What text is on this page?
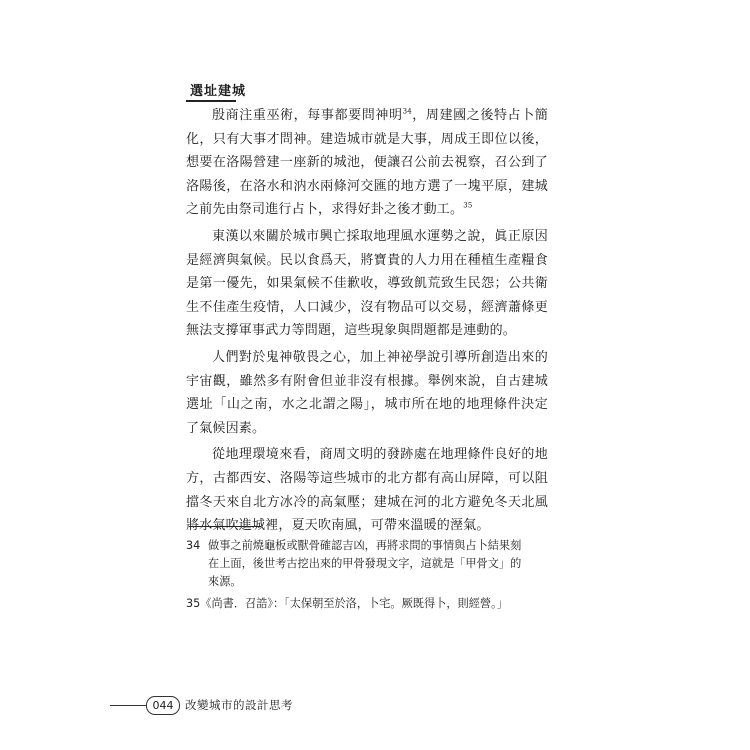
選址建城

殷商注重巫術，每事都要問神明$^{34}$，周建國之後特占卜簡化，只有大事才問神。建造城市就是大事，周成王即位以後，想要在洛陽營建一座新的城池，便讓召公前去視察，召公到了洛陽後，在洛水和汭水兩條河交匯的地方選了一塊平原，建城之前先由祭司進行占卜，求得好卦之後才動工。$^{35}$

東漢以來關於城市興亡採取地理風水運勢之說，眞正原因是經濟與氣候。民以食爲天，將寶貴的人力用在種植生產糧食是第一優先，如果氣候不佳歉收，導致飢荒致生民怨；公共衛生不佳產生疫情，人口減少，沒有物品可以交易，經濟蕭條更無法支撐軍事武力等問題，這些現象與問題都是連動的。

人們對於鬼神敬畏之心，加上神祕學說引導所創造出來的宇宙觀，雖然多有附會但並非沒有根據。舉例來說，自古建城選址「山之南，水之北謂之陽」，城市所在地的地理條件決定了氣候因素。

從地理環境來看，商周文明的發跡處在地理條件良好的地方，古都西安、洛陽等這些城市的北方都有高山屏障，可以阻擋冬天來自北方冰冷的高氣壓；建城在河的北方避免冬天北風將水氣吹進城裡，夏天吹南風，可帶來溫暖的溼氣。

34 做事之前燒龜板或獸骨確認吉凶，再將求問的事情與占卜結果刻
在上面，後世考古挖出來的甲骨發現文字，這就是「甲骨文」的
來源。
35《尚書．召誥》：「太保朝至於洛，卜宅。厥既得卜，則經營。」
044	改變城市的設計思考
